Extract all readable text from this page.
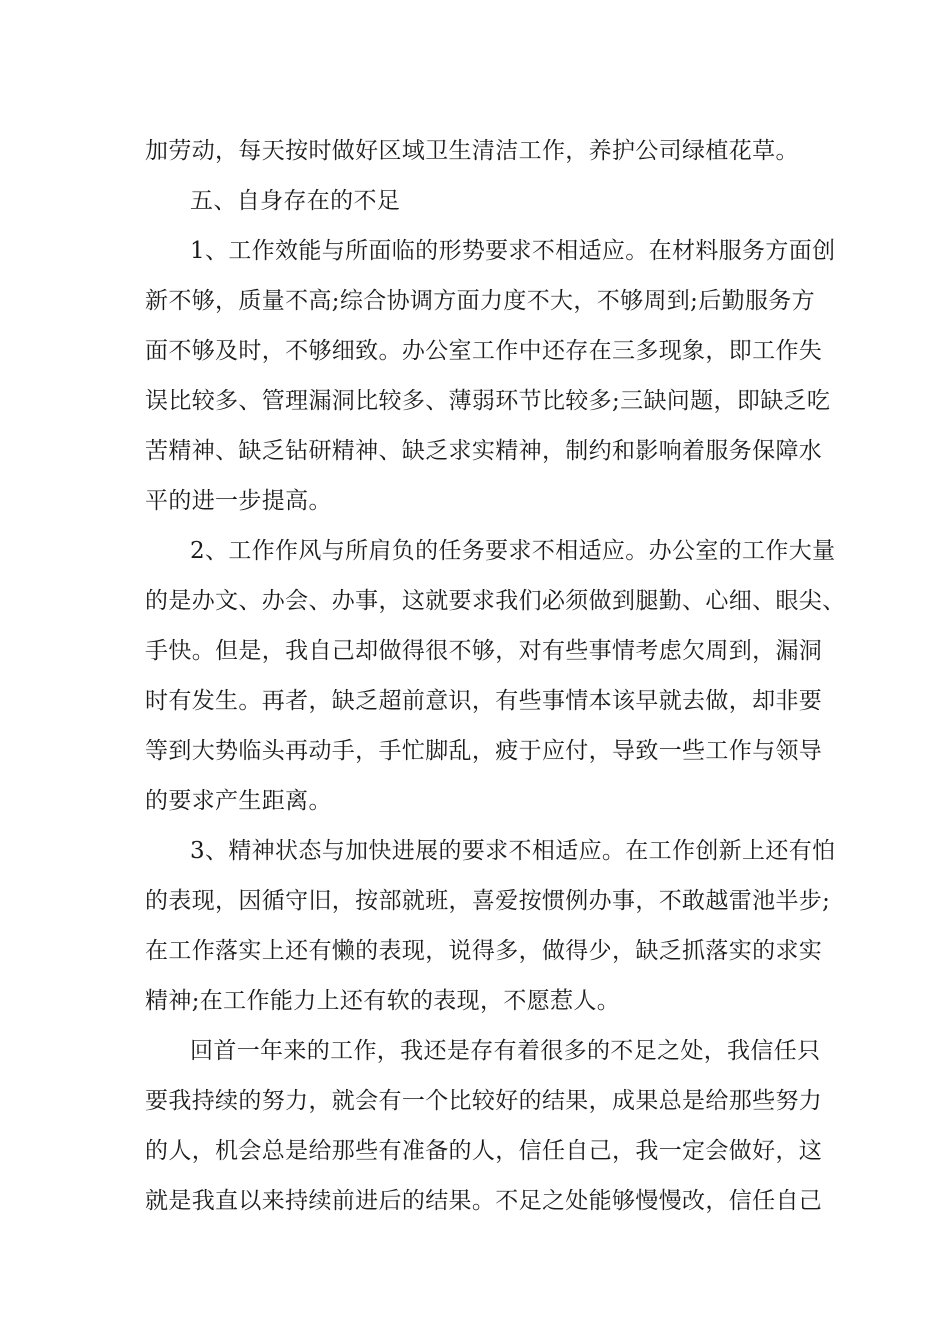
加劳动，每天按时做好区域卫生清洁工作，养护公司绿植花草。
五、自身存在的不足
1、工作效能与所面临的形势要求不相适应。在材料服务方面创
新不够，质量不高;综合协调方面力度不大，不够周到;后勤服务方
面不够及时，不够细致。办公室工作中还存在三多现象，即工作失
误比较多、管理漏洞比较多、薄弱环节比较多;三缺问题，即缺乏吃
苦精神、缺乏钻研精神、缺乏求实精神，制约和影响着服务保障水
平的进一步提高。
2、工作作风与所肩负的任务要求不相适应。办公室的工作大量
的是办文、办会、办事，这就要求我们必须做到腿勤、心细、眼尖、
手快。但是，我自己却做得很不够，对有些事情考虑欠周到，漏洞
时有发生。再者，缺乏超前意识，有些事情本该早就去做，却非要
等到大势临头再动手，手忙脚乱，疲于应付，导致一些工作与领导
的要求产生距离。
3、精神状态与加快进展的要求不相适应。在工作创新上还有怕
的表现，因循守旧，按部就班，喜爱按惯例办事，不敢越雷池半步;
在工作落实上还有懒的表现，说得多，做得少，缺乏抓落实的求实
精神;在工作能力上还有软的表现，不愿惹人。
回首一年来的工作，我还是存有着很多的不足之处，我信任只
要我持续的努力，就会有一个比较好的结果，成果总是给那些努力
的人，机会总是给那些有准备的人，信任自己，我一定会做好，这
就是我直以来持续前进后的结果。不足之处能够慢慢改，信任自己
